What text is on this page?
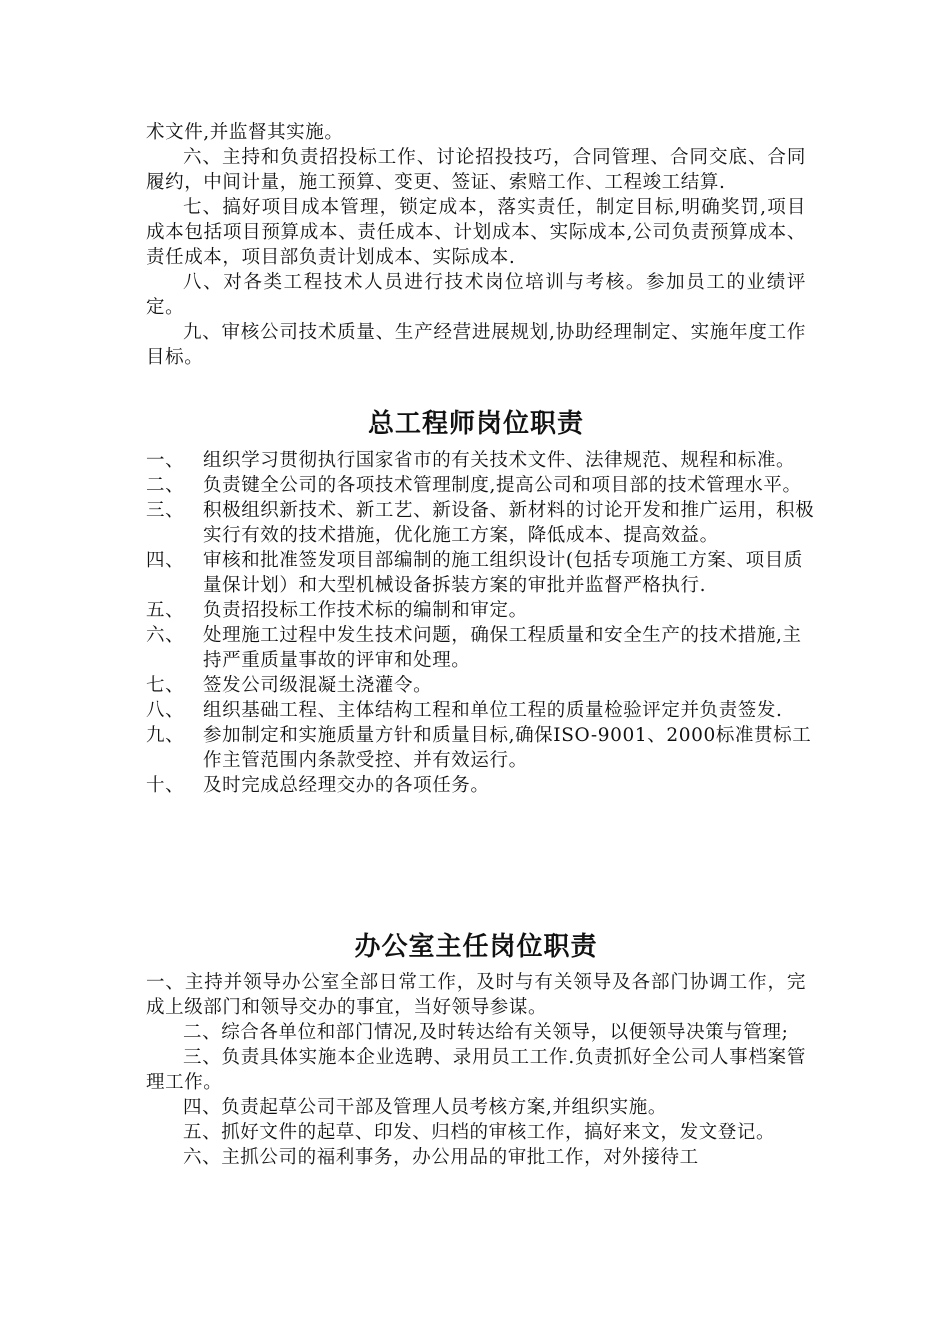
术文件,并监督其实施。

六、主持和负责招投标工作、讨论招投技巧，合同管理、合同交底、合同履约，中间计量，施工预算、变更、签证、索赔工作、工程竣工结算.

七、搞好项目成本管理，锁定成本，落实责任，制定目标,明确奖罚,项目成本包括项目预算成本、责任成本、计划成本、实际成本,公司负责预算成本、责任成本，项目部负责计划成本、实际成本.

八、对各类工程技术人员进行技术岗位培训与考核。参加员工的业绩评定。

九、审核公司技术质量、生产经营进展规划,协助经理制定、实施年度工作目标。

总工程师岗位职责
一、	组织学习贯彻执行国家省市的有关技术文件、法律规范、规程和标准。
二、	负责键全公司的各项技术管理制度,提高公司和项目部的技术管理水平。
三、	积极组织新技术、新工艺、新设备、新材料的讨论开发和推广运用，积极实行有效的技术措施，优化施工方案，降低成本、提高效益。
四、	审核和批准签发项目部编制的施工组织设计(包括专项施工方案、项目质量保计划）和大型机械设备拆装方案的审批并监督严格执行.
五、	负责招投标工作技术标的编制和审定。
六、	处理施工过程中发生技术问题，确保工程质量和安全生产的技术措施,主持严重质量事故的评审和处理。
七、	签发公司级混凝土浇灌令。
八、	组织基础工程、主体结构工程和单位工程的质量检验评定并负责签发.
九、	参加制定和实施质量方针和质量目标,确保ISO-9001、2000标准贯标工作主管范围内条款受控、并有效运行。
十、	及时完成总经理交办的各项任务。
办公室主任岗位职责

一、主持并领导办公室全部日常工作，及时与有关领导及各部门协调工作，完成上级部门和领导交办的事宜，当好领导参谋。

二、综合各单位和部门情况,及时转达给有关领导，以便领导决策与管理;

三、负责具体实施本企业选聘、录用员工工作.负责抓好全公司人事档案管理工作。

四、负责起草公司干部及管理人员考核方案,并组织实施。

五、抓好文件的起草、印发、归档的审核工作，搞好来文，发文登记。

六、主抓公司的福利事务，办公用品的审批工作，对外接待工
